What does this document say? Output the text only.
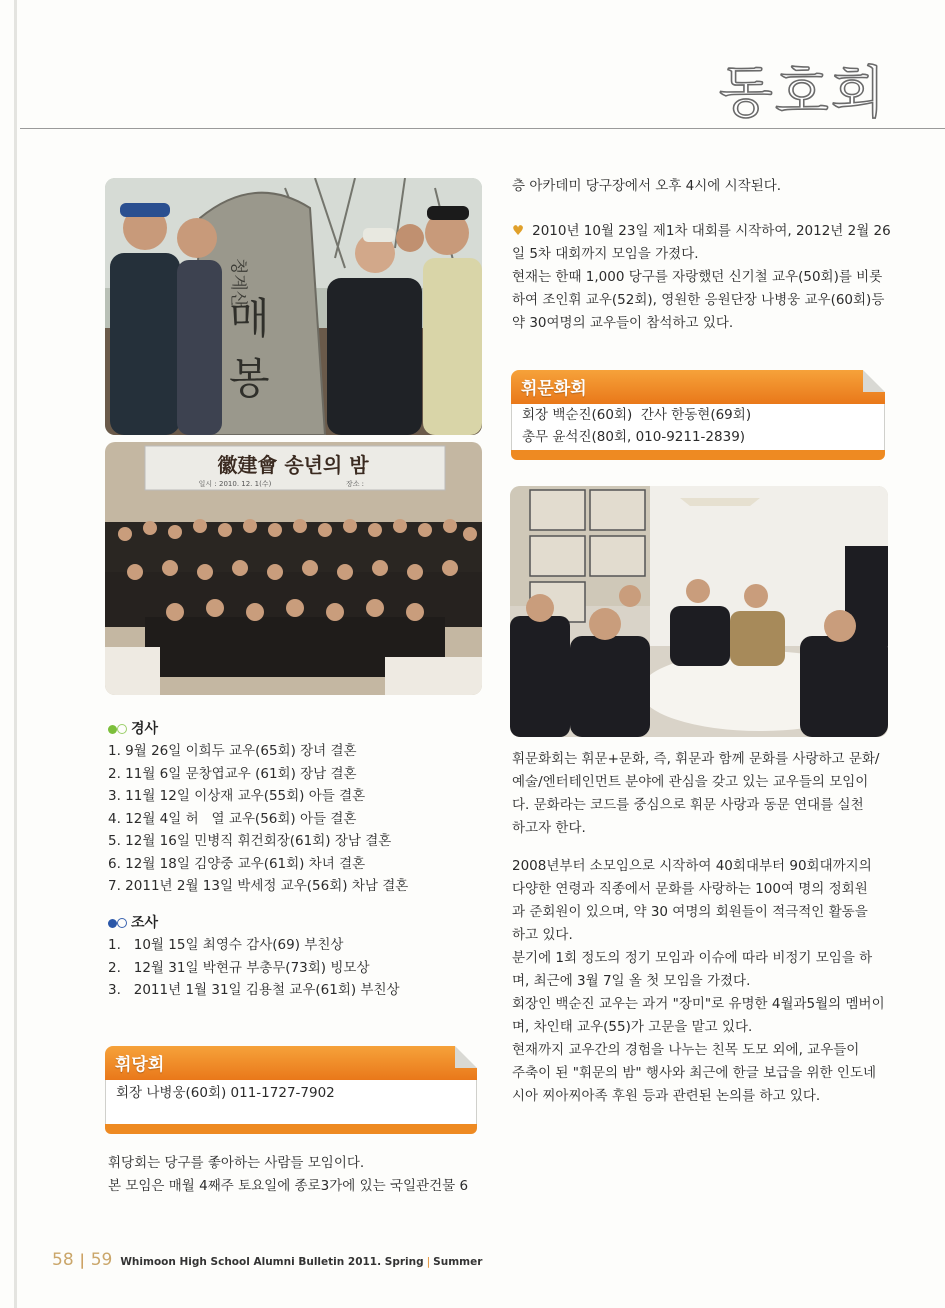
동호회
청계산
매
봉
徽建會 송년의 밤
일시 : 2010. 12. 1(수)	장소 :
경사
1. 9월 26일 이희두 교우(65회) 장녀 결혼
2. 11월 6일 문창엽교우 (61회) 장남 결혼
3. 11월 12일 이상재 교우(55회) 아들 결혼
4. 12월 4일 허   열 교우(56회) 아들 결혼
5. 12월 16일 민병직 휘건회장(61회) 장남 결혼
6. 12월 18일 김양중 교우(61회) 차녀 결혼
7. 2011년 2월 13일 박세정 교우(56회) 차남 결혼
조사
1.   10월 15일 최영수 감사(69) 부친상
2.   12월 31일 박현규 부총무(73회) 빙모상
3.   2011년 1월 31일 김용철 교우(61회) 부친상
휘당회
회장 나병웅(60회) 011-1727-7902
휘당회는 당구를 좋아하는 사람들 모임이다.
본 모임은 매월 4째주 토요일에 종로3가에 있는 국일관건물 6
층 아카데미 당구장에서 오후 4시에 시작된다.
♥ 2010년 10월 23일 제1차 대회를 시작하여, 2012년 2월 26
일 5차 대회까지 모임을 가졌다.
현재는 한때 1,000 당구를 자랑했던 신기철 교우(50회)를 비롯
하여 조인휘 교우(52회), 영원한 응원단장 나병웅 교우(60회)등
약 30여명의 교우들이 참석하고 있다.
휘문화회
회장 백순진(60회)  간사 한동현(69회)
총무 윤석진(80회, 010-9211-2839)
휘문화회는 휘문+문화, 즉, 휘문과 함께 문화를 사랑하고 문화/
예술/엔터테인먼트 분야에 관심을 갖고 있는 교우들의 모임이
다. 문화라는 코드를 중심으로 휘문 사랑과 동문 연대를 실천
하고자 한다.
2008년부터 소모임으로 시작하여 40회대부터 90회대까지의
다양한 연령과 직종에서 문화를 사랑하는 100여 명의 정회원
과 준회원이 있으며, 약 30 여명의 회원들이 적극적인 활동을
하고 있다.
분기에 1회 정도의 정기 모임과 이슈에 따라 비정기 모임을 하
며, 최근에 3월 7일 올 첫 모임을 가졌다.
회장인 백순진 교우는 과거 "장미"로 유명한 4월과5월의 멤버이
며, 차인태 교우(55)가 고문을 맡고 있다.
현재까지 교우간의 경험을 나누는 친목 도모 외에, 교우들이
주축이 된 "휘문의 밤" 행사와 최근에 한글 보급을 위한 인도네
시아 찌아찌아족 후원 등과 관련된 논의를 하고 있다.
58 | 59 Whimoon High School Alumni Bulletin 2011. Spring | Summer
